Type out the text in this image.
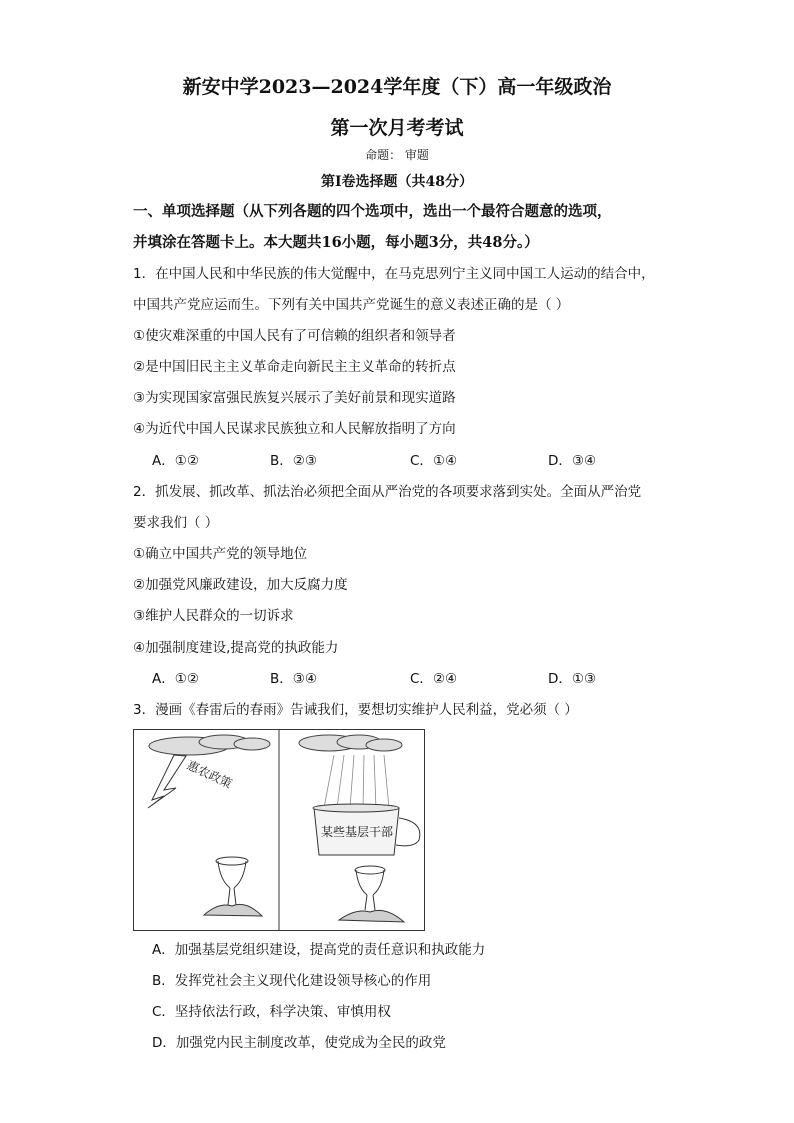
新安中学2023—2024学年度（下）高一年级政治
第一次月考考试
命题： 审题
第I卷选择题（共48分）
一、单项选择题（从下列各题的四个选项中，选出一个最符合题意的选项，
并填涂在答题卡上。本大题共16小题，每小题3分，共48分。）
1．在中国人民和中华民族的伟大觉醒中，在马克思列宁主义同中国工人运动的结合中，
中国共产党应运而生。下列有关中国共产党诞生的意义表述正确的是（ ）
①使灾难深重的中国人民有了可信赖的组织者和领导者
②是中国旧民主主义革命走向新民主主义革命的转折点
③为实现国家富强民族复兴展示了美好前景和现实道路
④为近代中国人民谋求民族独立和人民解放指明了方向
A．①②	B．②③	C．①④	D．③④
2．抓发展、抓改革、抓法治必须把全面从严治党的各项要求落到实处。全面从严治党
要求我们（ ）
①确立中国共产党的领导地位
②加强党风廉政建设，加大反腐力度
③维护人民群众的一切诉求
④加强制度建设,提高党的执政能力
A．①②	B．③④	C．②④	D．①③
3．漫画《春雷后的春雨》告诫我们，要想切实维护人民利益，党必须（ ）
惠农政策
某些基层干部
A．加强基层党组织建设，提高党的责任意识和执政能力
B．发挥党社会主义现代化建设领导核心的作用
C．坚持依法行政，科学决策、审慎用权
D．加强党内民主制度改革，使党成为全民的政党
